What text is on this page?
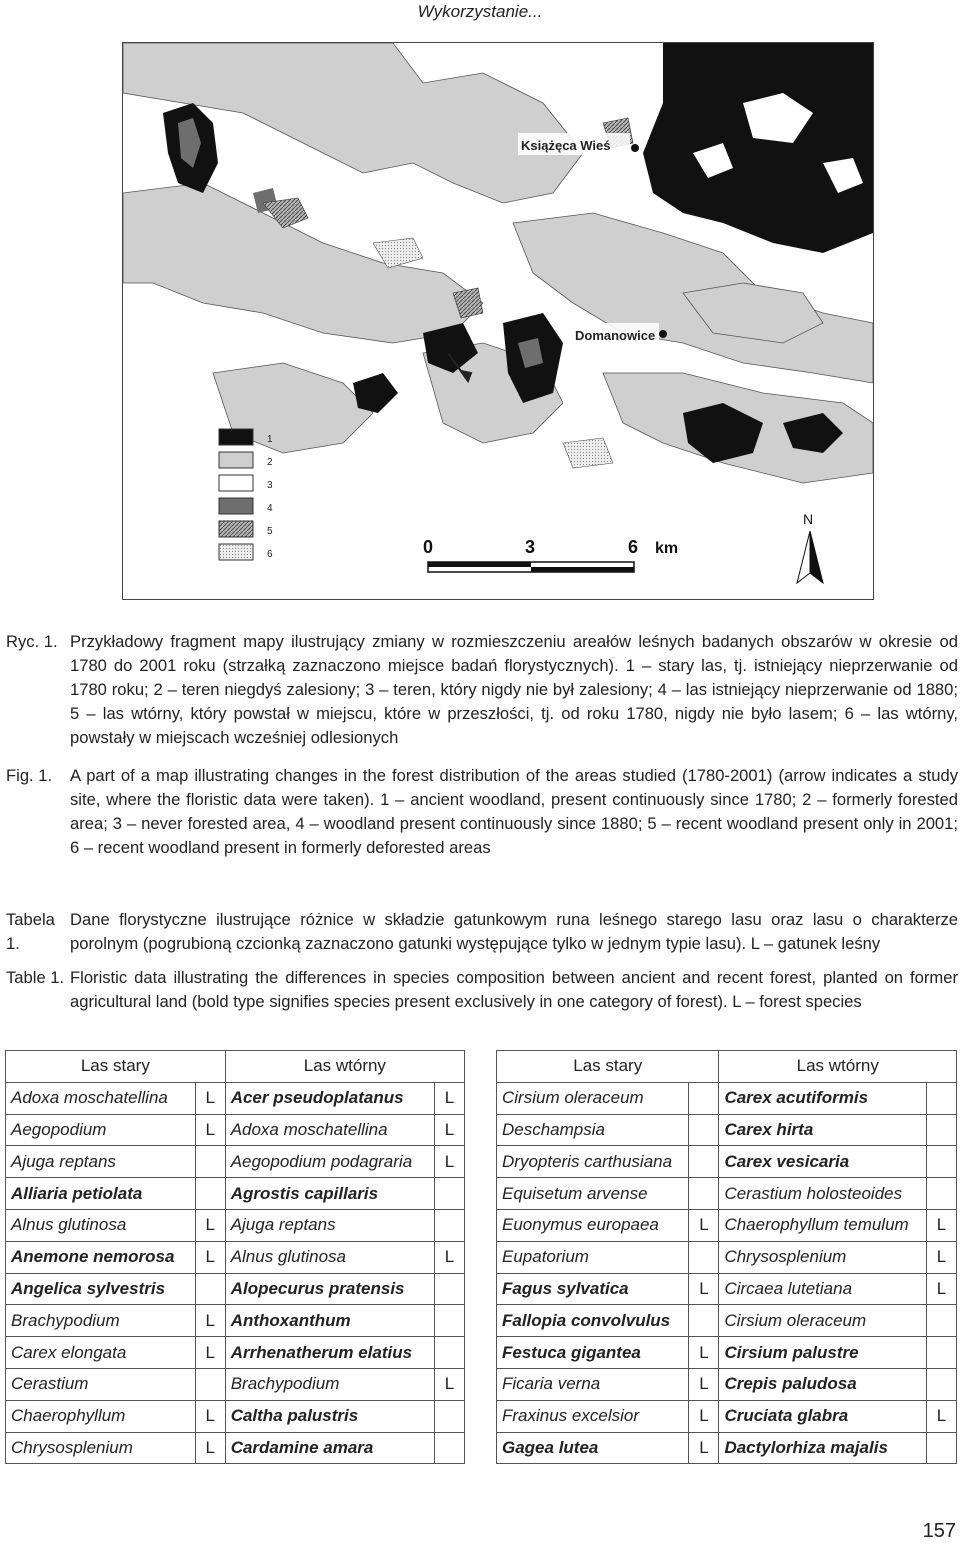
Wykorzystanie...
Książęca Wieś
Domanowice
1
2
3
4
5
6	0	3	6 km
N
Ryc. 1. Przykładowy fragment mapy ilustrujący zmiany w rozmieszczeniu areałów leśnych badanych obszarów w okresie od 1780 do 2001 roku (strzałką zaznaczono miejsce badań florystycznych). 1 – stary las, tj. istniejący nieprzerwanie od 1780 roku; 2 – teren niegdyś zalesiony; 3 – teren, który nigdy nie był zalesiony; 4 – las istniejący nieprzerwanie od 1880; 5 – las wtórny, który powstał w miejscu, które w przeszłości, tj. od roku 1780, nigdy nie było lasem; 6 – las wtórny, powstały w miejscach wcześniej odlesionych
Fig. 1.	A part of a map illustrating changes in the forest distribution of the areas studied (1780-2001) (arrow indicates a study site, where the floristic data were taken). 1 – ancient woodland, present continuously since 1780; 2 – formerly forested area; 3 – never forested area, 4 – woodland present continuously since 1880; 5 – recent woodland present only in 2001; 6 – recent woodland present in formerly deforested areas
Tabela 1.
Dane florystyczne ilustrujące różnice w składzie gatunkowym runa leśnego starego lasu oraz lasu o charakterze porolnym (pogrubioną czcionką zaznaczono gatunki występujące tylko w jednym typie lasu). L – gatunek leśny
Table 1. Floristic data illustrating the differences in species composition between ancient and recent forest, planted on former agricultural land (bold type signifies species present exclusively in one category of forest). L – forest species
Las stary		Las wtórny	
Adoxa moschatellina	L	Acer pseudoplatanus	L
Aegopodium	L	Adoxa moschatellina	L
Ajuga reptans		Aegopodium podagraria	L
Alliaria petiolata		Agrostis capillaris	
Alnus glutinosa	L	Ajuga reptans	
Anemone nemorosa	L	Alnus glutinosa	L
Angelica sylvestris		Alopecurus pratensis	
Brachypodium	L	Anthoxanthum	
Carex elongata	L	Arrhenatherum elatius	
Cerastium		Brachypodium	L
Chaerophyllum	L	Caltha palustris	
Chrysosplenium	L	Cardamine amara	
Las stary		Las wtórny	
Cirsium oleraceum		Carex acutiformis	
Deschampsia		Carex hirta	
Dryopteris carthusiana		Carex vesicaria	
Equisetum arvense		Cerastium holosteoides	
Euonymus europaea	L	Chaerophyllum temulum	L
Eupatorium		Chrysosplenium	L
Fagus sylvatica	L	Circaea lutetiana	L
Fallopia convolvulus		Cirsium oleraceum	
Festuca gigantea	L	Cirsium palustre	
Ficaria verna	L	Crepis paludosa	
Fraxinus excelsior	L	Cruciata glabra	L
Gagea lutea	L	Dactylorhiza majalis	
157
